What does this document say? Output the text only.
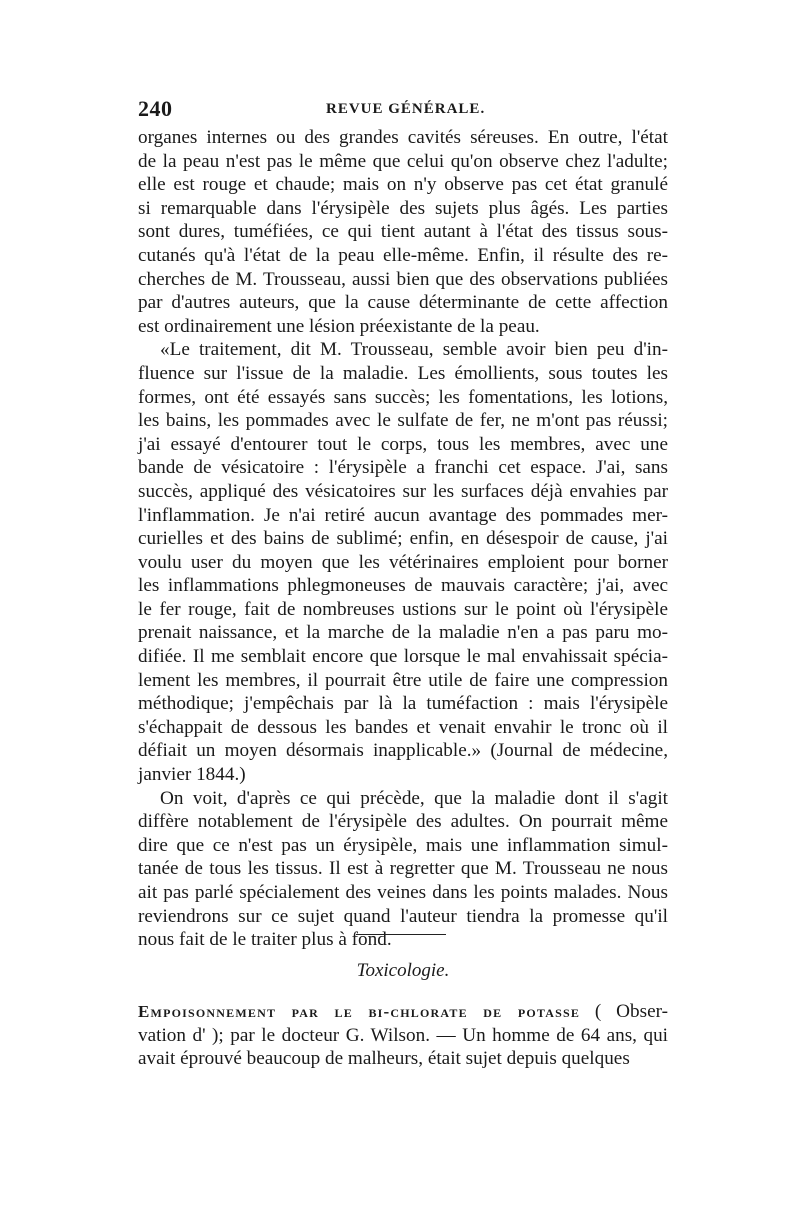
240	REVUE GÉNÉRALE.
organes internes ou des grandes cavités séreuses. En outre, l'état
de la peau n'est pas le même que celui qu'on observe chez l'adulte;
elle est rouge et chaude; mais on n'y observe pas cet état granulé
si remarquable dans l'érysipèle des sujets plus âgés. Les parties
sont dures, tuméfiées, ce qui tient autant à l'état des tissus sous-
cutanés qu'à l'état de la peau elle-même. Enfin, il résulte des re-
cherches de M. Trousseau, aussi bien que des observations publiées
par d'autres auteurs, que la cause déterminante de cette affection
est ordinairement une lésion préexistante de la peau.
«Le traitement, dit M. Trousseau, semble avoir bien peu d'in-
fluence sur l'issue de la maladie. Les émollients, sous toutes les
formes, ont été essayés sans succès; les fomentations, les lotions,
les bains, les pommades avec le sulfate de fer, ne m'ont pas réussi;
j'ai essayé d'entourer tout le corps, tous les membres, avec une
bande de vésicatoire : l'érysipèle a franchi cet espace. J'ai, sans
succès, appliqué des vésicatoires sur les surfaces déjà envahies par
l'inflammation. Je n'ai retiré aucun avantage des pommades mer-
curielles et des bains de sublimé; enfin, en désespoir de cause, j'ai
voulu user du moyen que les vétérinaires emploient pour borner
les inflammations phlegmoneuses de mauvais caractère; j'ai, avec
le fer rouge, fait de nombreuses ustions sur le point où l'érysipèle
prenait naissance, et la marche de la maladie n'en a pas paru mo-
difiée. Il me semblait encore que lorsque le mal envahissait spécia-
lement les membres, il pourrait être utile de faire une compression
méthodique; j'empêchais par là la tuméfaction : mais l'érysipèle
s'échappait de dessous les bandes et venait envahir le tronc où il
défiait un moyen désormais inapplicable.» (Journal de médecine,
janvier 1844.)
On voit, d'après ce qui précède, que la maladie dont il s'agit
diffère notablement de l'érysipèle des adultes. On pourrait même
dire que ce n'est pas un érysipèle, mais une inflammation simul-
tanée de tous les tissus. Il est à regretter que M. Trousseau ne nous
ait pas parlé spécialement des veines dans les points malades. Nous
reviendrons sur ce sujet quand l'auteur tiendra la promesse qu'il
nous fait de le traiter plus à fond.
Toxicologie.
Empoisonnement par le bi-chlorate de potasse ( Obser-
vation d' ); par le docteur G. Wilson. — Un homme de 64 ans, qui
avait éprouvé beaucoup de malheurs, était sujet depuis quelques
